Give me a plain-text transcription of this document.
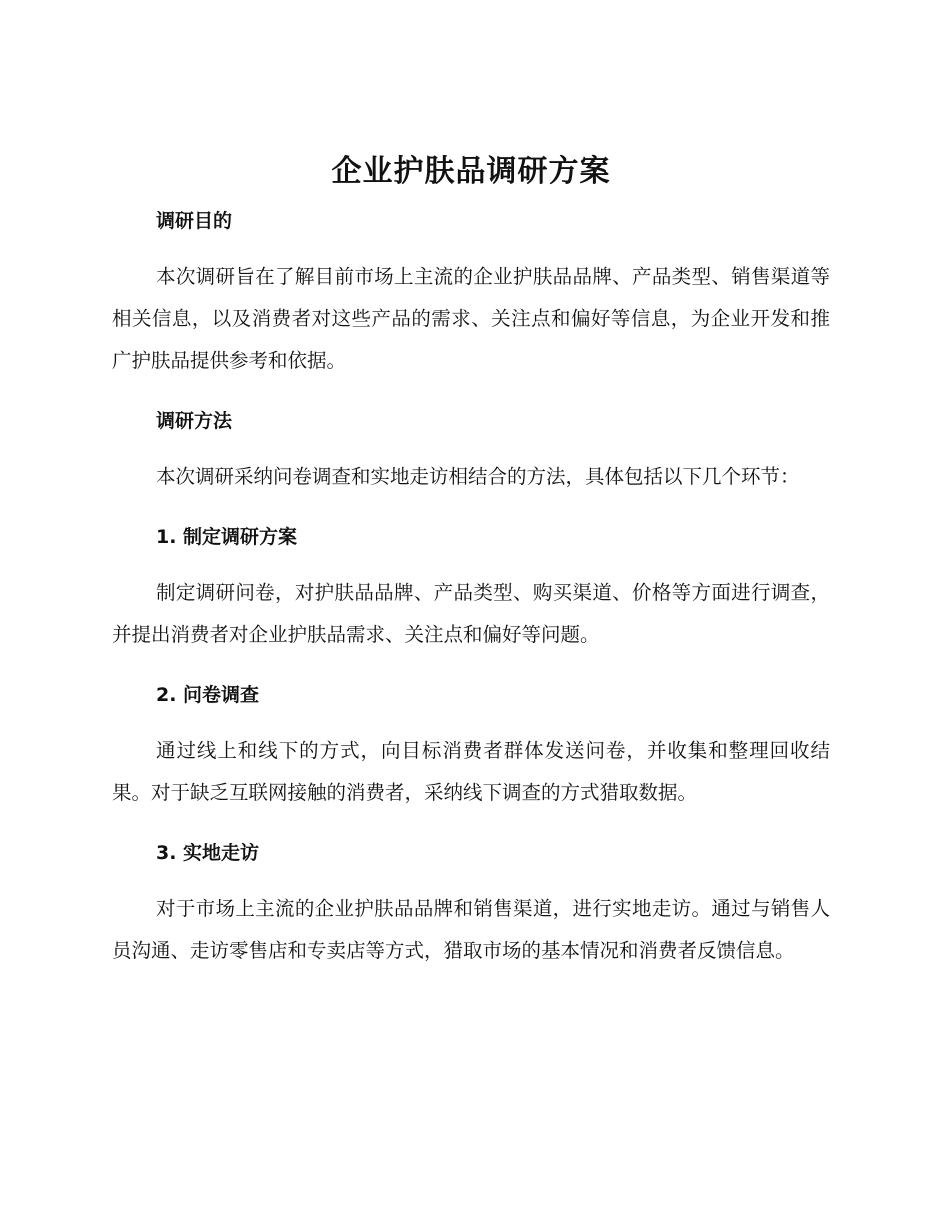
企业护肤品调研方案
调研目的

本次调研旨在了解目前市场上主流的企业护肤品品牌、产品类型、销售渠道等相关信息，以及消费者对这些产品的需求、关注点和偏好等信息，为企业开发和推广护肤品提供参考和依据。

调研方法

本次调研采纳问卷调查和实地走访相结合的方法，具体包括以下几个环节：

1. 制定调研方案

制定调研问卷，对护肤品品牌、产品类型、购买渠道、价格等方面进行调查，并提出消费者对企业护肤品需求、关注点和偏好等问题。

2. 问卷调查

通过线上和线下的方式，向目标消费者群体发送问卷，并收集和整理回收结果。对于缺乏互联网接触的消费者，采纳线下调查的方式猎取数据。

3. 实地走访

对于市场上主流的企业护肤品品牌和销售渠道，进行实地走访。通过与销售人员沟通、走访零售店和专卖店等方式，猎取市场的基本情况和消费者反馈信息。
